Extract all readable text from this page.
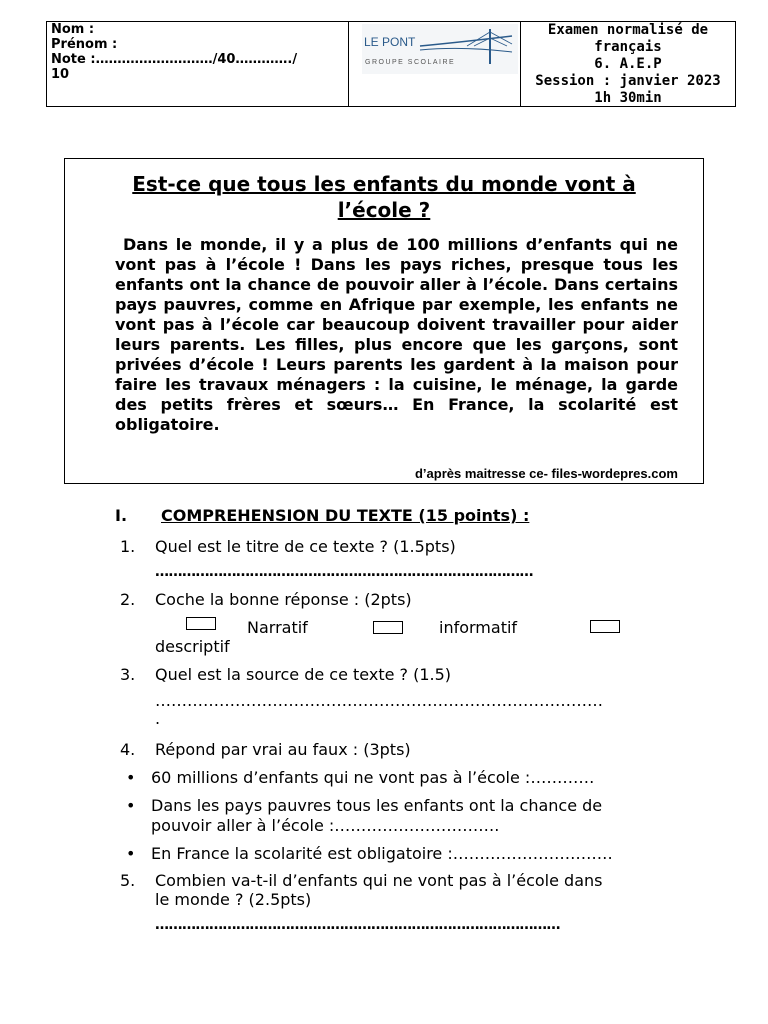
Nom :
Prénom :
Note :………………………/40…………./
10
LE PONT
GROUPE SCOLAIRE
Examen normalisé de
français
6. A.E.P
Session : janvier 2023
1h 30min
Est-ce que tous les enfants du monde vont à
l’école ?
Dans le monde, il y a plus de 100 millions d’enfants qui ne vont pas à l’école ! Dans les pays riches, presque tous les enfants ont la chance de pouvoir aller à l’école. Dans certains pays pauvres, comme en Afrique par exemple, les enfants ne vont pas à l’école car beaucoup doivent travailler pour aider leurs parents. Les filles, plus encore que les garçons, sont privées d’école ! Leurs parents les gardent à la maison pour faire les travaux ménagers : la cuisine, le ménage, la garde des petits frères et sœurs… En France, la scolarité est obligatoire.
d’après maitresse ce- files-wordepres.com
I. COMPREHENSION DU TEXTE (15 points) :
1. Quel est le titre de ce texte ? (1.5pts)
…………………………………………………………………………
2. Coche la bonne réponse : (2pts)
Narratif	informatif
descriptif
3. Quel est la source de ce texte ? (1.5)
…………………………………………………………………………
.
4. Répond par vrai au faux : (3pts)
• 60 millions d’enfants qui ne vont pas à l’école :…………
• Dans les pays pauvres tous les enfants ont la chance de
pouvoir aller à l’école :………………………….
• En France la scolarité est obligatoire :…………………………
5. Combien va-t-il d’enfants qui ne vont pas à l’école dans
le monde ? (2.5pts)
………………………………………………………………………………
